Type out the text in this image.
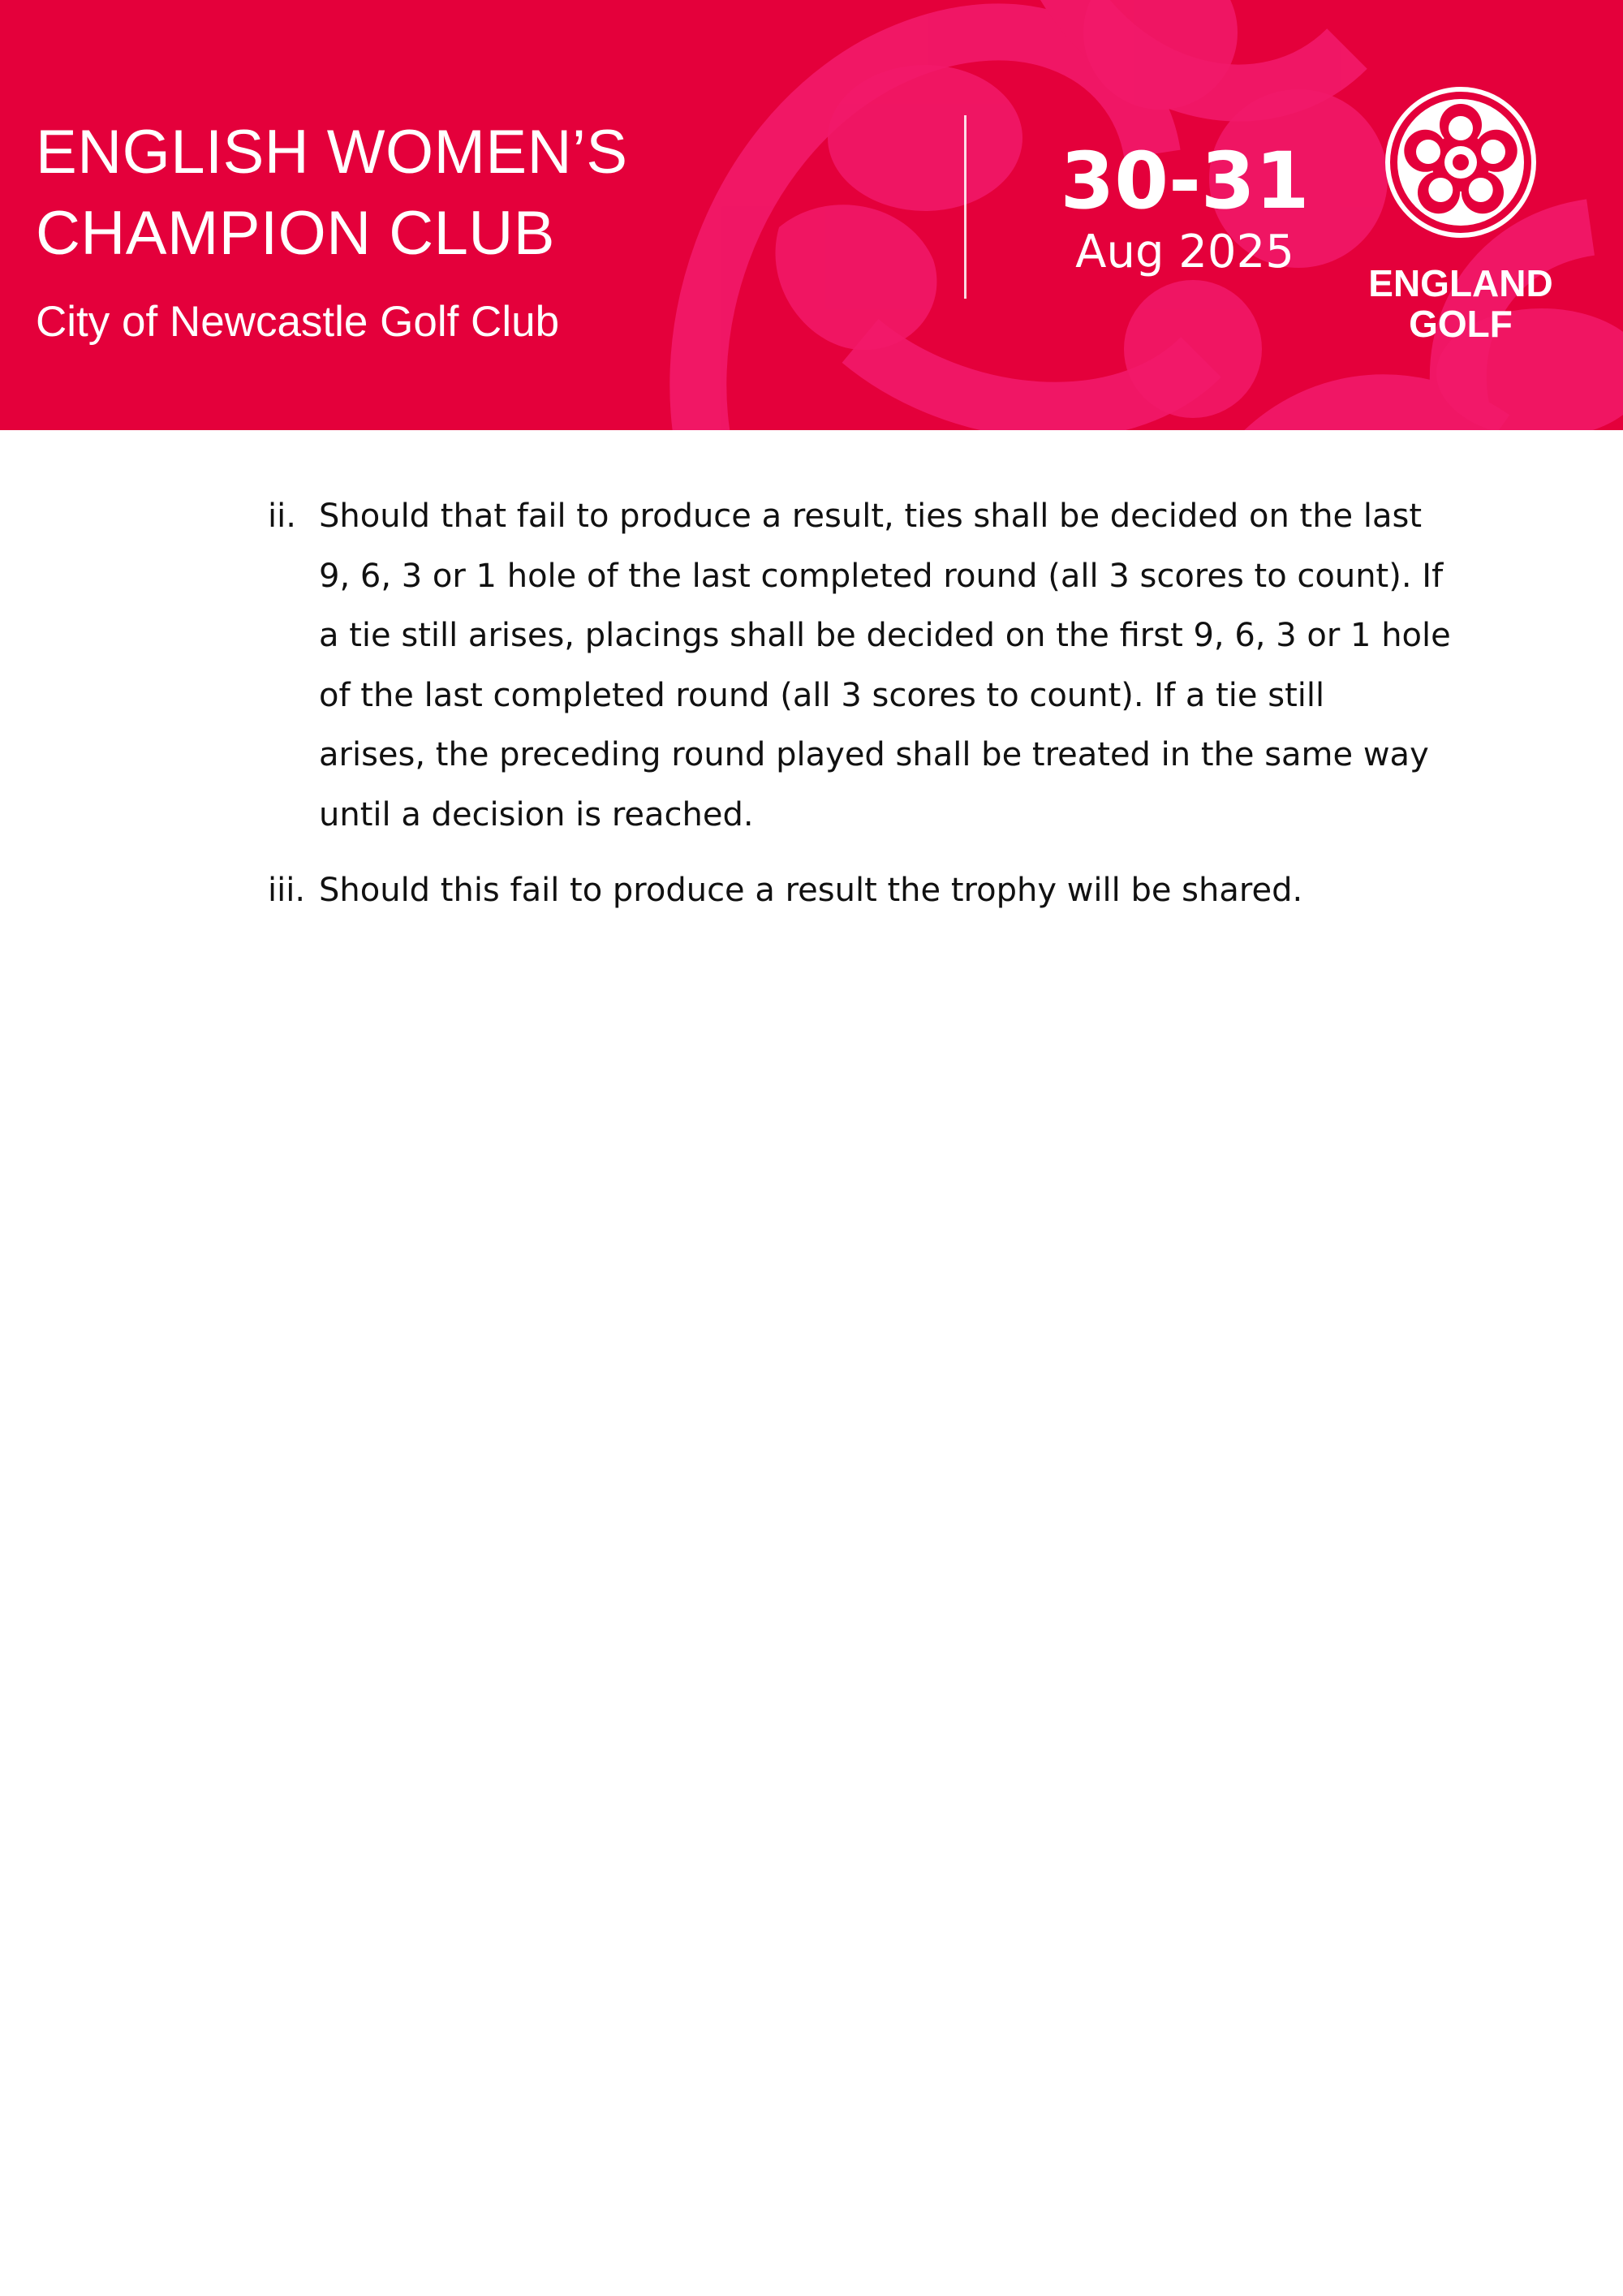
ENGLISH WOMEN’S
CHAMPION CLUB
City of Newcastle Golf Club
30-31
Aug 2025
ENGLAND
GOLF
ii. Should that fail to produce a result, ties shall be decided on the last
9, 6, 3 or 1 hole of the last completed round (all 3 scores to count). If
a tie still arises, placings shall be decided on the first 9, 6, 3 or 1 hole
of the last completed round (all 3 scores to count). If a tie still
arises, the preceding round played shall be treated in the same way
until a decision is reached.
iii. Should this fail to produce a result the trophy will be shared.
